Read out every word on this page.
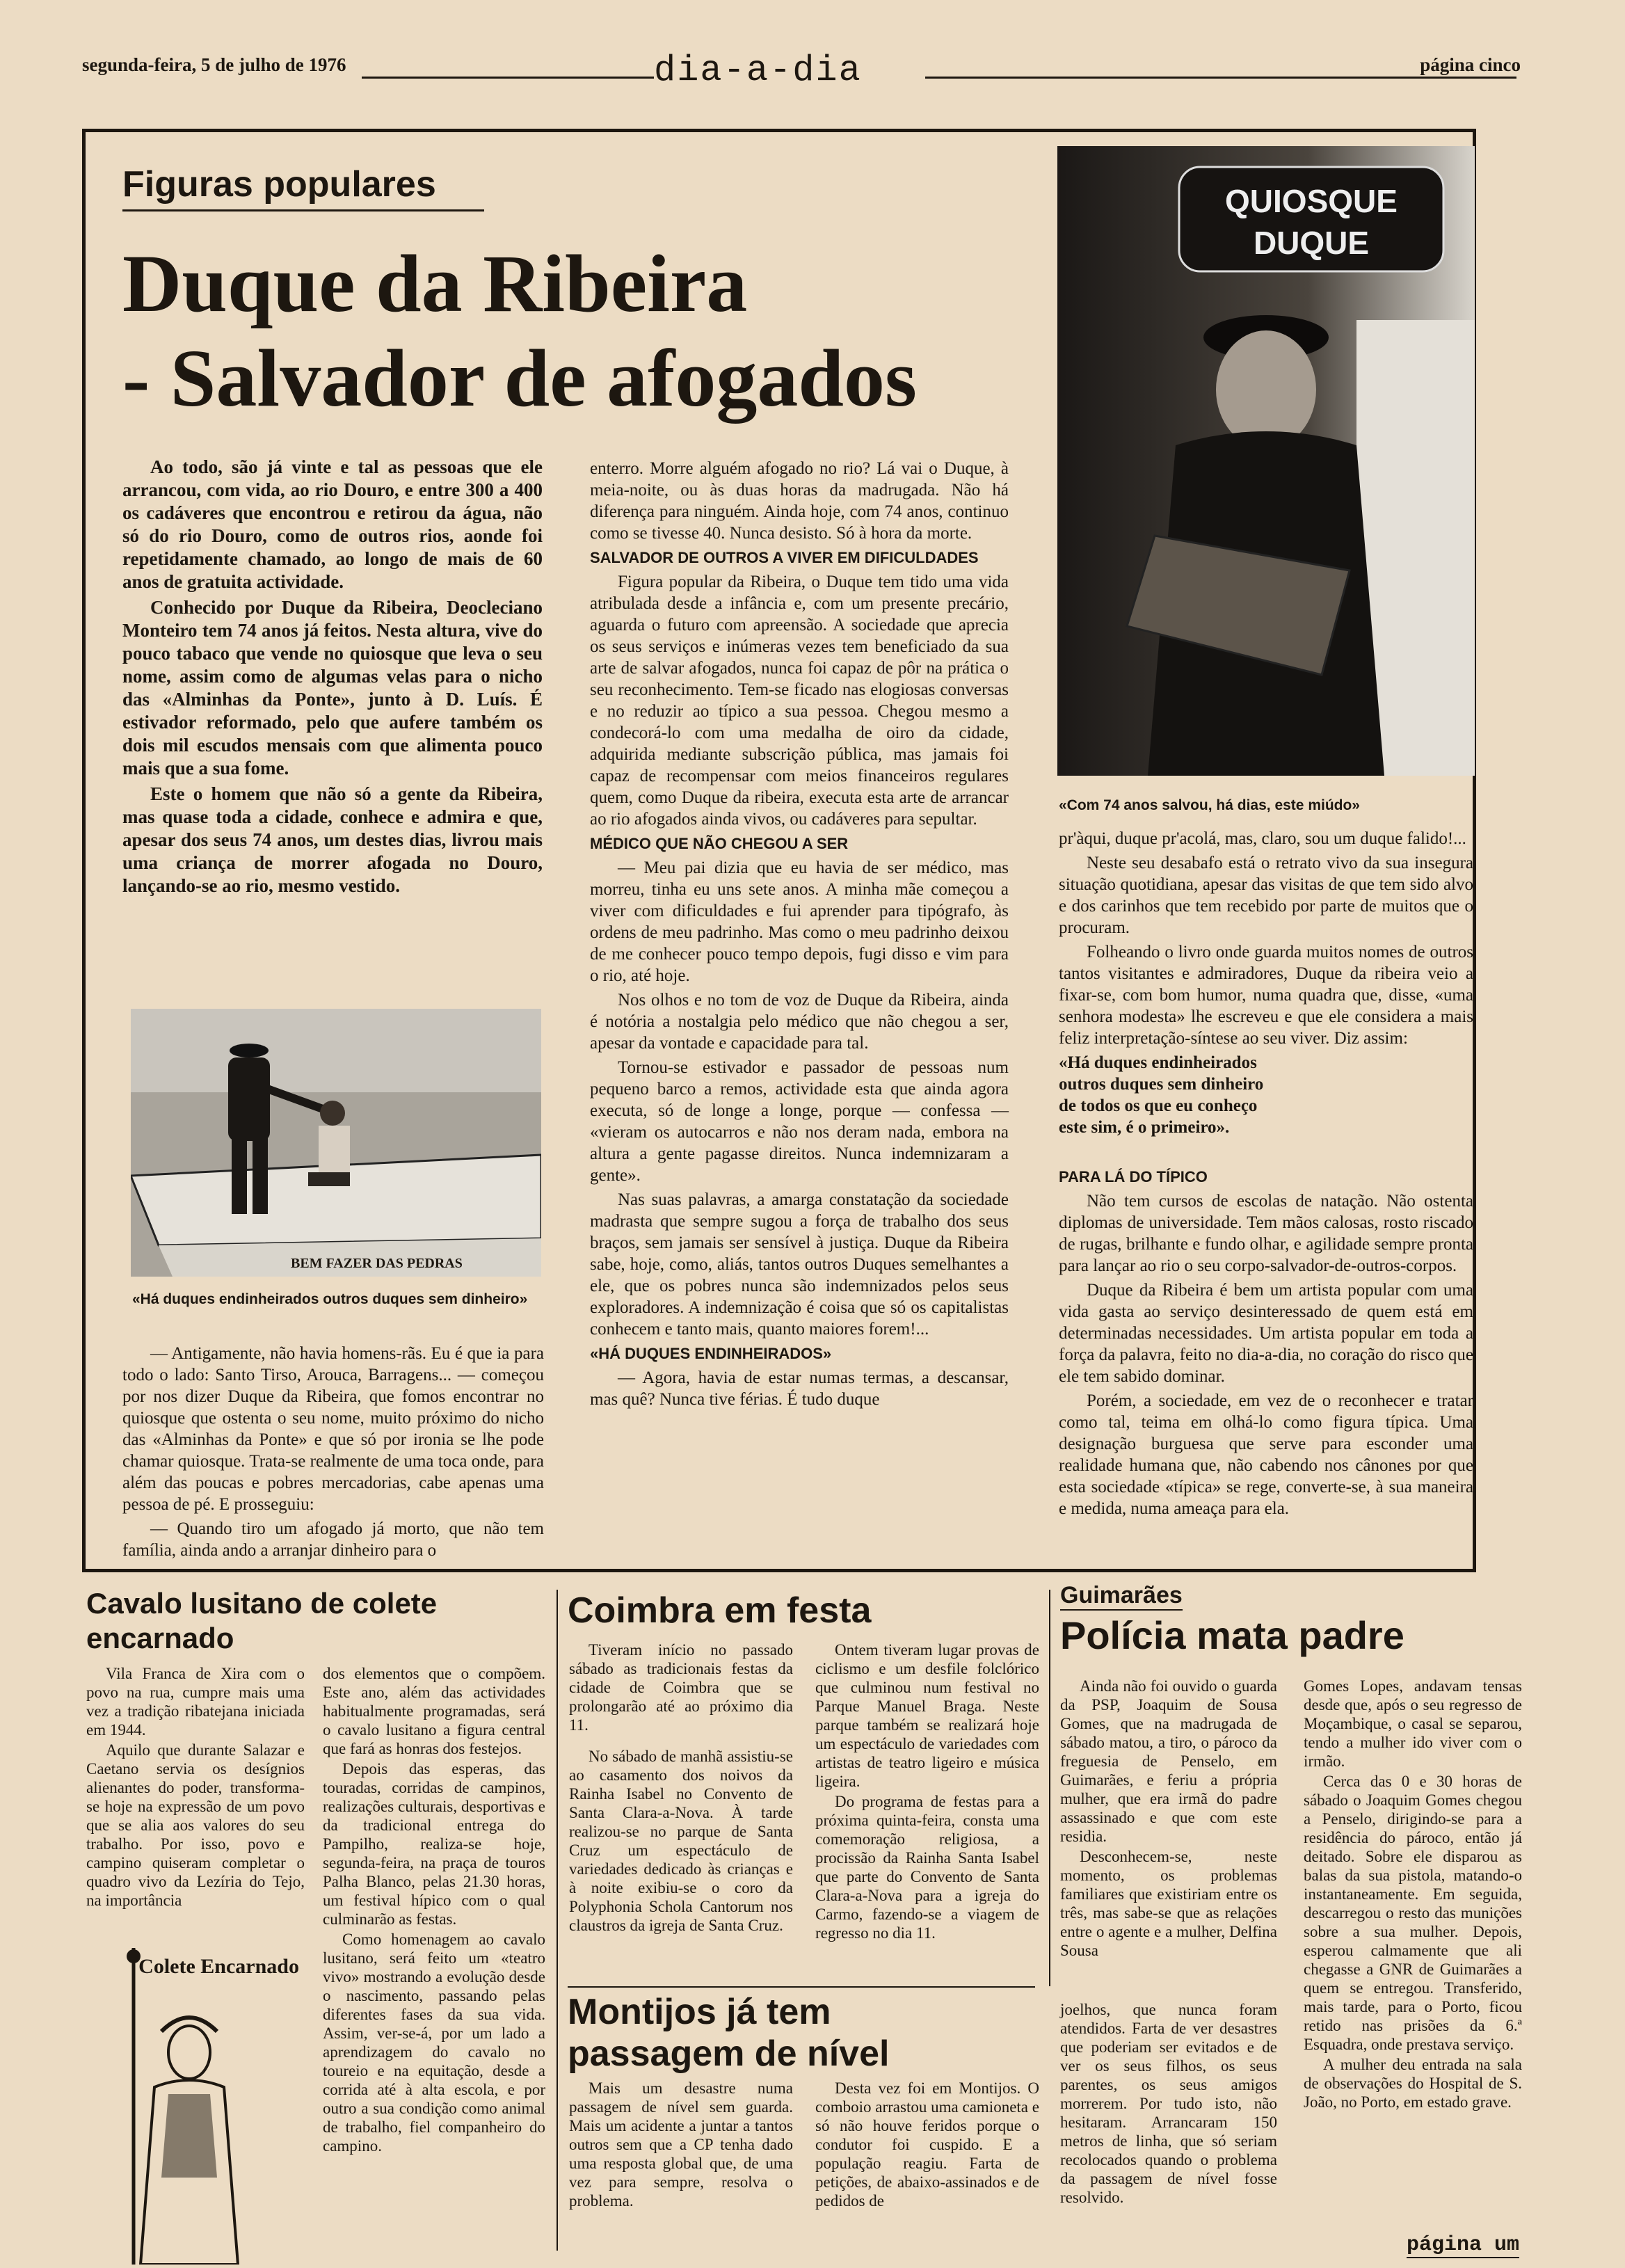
segunda-feira, 5 de julho de 1976	dia-a-dia	página cinco
Figuras populares
Duque da Ribeira
- Salvador de afogados

Ao todo, são já vinte e tal as pessoas que ele arrancou, com vida, ao rio Douro, e entre 300 a 400 os cadáveres que encontrou e retirou da água, não só do rio Douro, como de outros rios, aonde foi repetidamente chamado, ao longo de mais de 60 anos de gratuita actividade.

Conhecido por Duque da Ribeira, Deocleciano Monteiro tem 74 anos já feitos. Nesta altura, vive do pouco tabaco que vende no quiosque que leva o seu nome, assim como de algumas velas para o nicho das «Alminhas da Ponte», junto à D. Luís. É estivador reformado, pelo que aufere também os dois mil escudos mensais com que alimenta pouco mais que a sua fome.

Este o homem que não só a gente da Ribeira, mas quase toda a cidade, conhece e admira e que, apesar dos seus 74 anos, um destes dias, livrou mais uma criança de morrer afogada no Douro, lançando-se ao rio, mesmo vestido.

BEM FAZER DAS PEDRAS
«Há duques endinheirados outros duques sem dinheiro»

— Antigamente, não havia homens-rãs. Eu é que ia para todo o lado: Santo Tirso, Arouca, Barragens... — começou por nos dizer Duque da Ribeira, que fomos encontrar no quiosque que ostenta o seu nome, muito próximo do nicho das «Alminhas da Ponte» e que só por ironia se lhe pode chamar quiosque. Trata-se realmente de uma toca onde, para além das poucas e pobres mercadorias, cabe apenas uma pessoa de pé. E prosseguiu:

— Quando tiro um afogado já morto, que não tem família, ainda ando a arranjar dinheiro para o

enterro. Morre alguém afogado no rio? Lá vai o Duque, à meia-noite, ou às duas horas da madrugada. Não há diferença para ninguém. Ainda hoje, com 74 anos, continuo como se tivesse 40. Nunca desisto. Só à hora da morte.

SALVADOR DE OUTROS A VIVER EM DIFICULDADES

Figura popular da Ribeira, o Duque tem tido uma vida atribulada desde a infância e, com um presente precário, aguarda o futuro com apreensão. A sociedade que aprecia os seus serviços e inúmeras vezes tem beneficiado da sua arte de salvar afogados, nunca foi capaz de pôr na prática o seu reconhecimento. Tem-se ficado nas elogiosas conversas e no reduzir ao típico a sua pessoa. Chegou mesmo a condecorá-lo com uma medalha de oiro da cidade, adquirida mediante subscrição pública, mas jamais foi capaz de recompensar com meios financeiros regulares quem, como Duque da ribeira, executa esta arte de arrancar ao rio afogados ainda vivos, ou cadáveres para sepultar.

MÉDICO QUE NÃO CHEGOU A SER

— Meu pai dizia que eu havia de ser médico, mas morreu, tinha eu uns sete anos. A minha mãe começou a viver com dificuldades e fui aprender para tipógrafo, às ordens de meu padrinho. Mas como o meu padrinho deixou de me conhecer pouco tempo depois, fugi disso e vim para o rio, até hoje.

Nos olhos e no tom de voz de Duque da Ribeira, ainda é notória a nostalgia pelo médico que não chegou a ser, apesar da vontade e capacidade para tal.

Tornou-se estivador e passador de pessoas num pequeno barco a remos, actividade esta que ainda agora executa, só de longe a longe, porque — confessa — «vieram os autocarros e não nos deram nada, embora na altura a gente pagasse direitos. Nunca indemnizaram a gente».

Nas suas palavras, a amarga constatação da sociedade madrasta que sempre sugou a força de trabalho dos seus braços, sem jamais ser sensível à justiça. Duque da Ribeira sabe, hoje, como, aliás, tantos outros Duques semelhantes a ele, que os pobres nunca são indemnizados pelos seus exploradores. A indemnização é coisa que só os capitalistas conhecem e tanto mais, quanto maiores forem!...

«HÁ DUQUES ENDINHEIRADOS»

— Agora, havia de estar numas termas, a descansar, mas quê? Nunca tive férias. É tudo duque

QUIOSQUE
DUQUE
«Com 74 anos salvou, há dias, este miúdo»

pr'àqui, duque pr'acolá, mas, claro, sou um duque falido!...

Neste seu desabafo está o retrato vivo da sua insegura situação quotidiana, apesar das visitas de que tem sido alvo e dos carinhos que tem recebido por parte de muitos que o procuram.

Folheando o livro onde guarda muitos nomes de outros tantos visitantes e admiradores, Duque da ribeira veio a fixar-se, com bom humor, numa quadra que, disse, «uma senhora modesta» lhe escreveu e que ele considera a mais feliz interpretação-síntese ao seu viver. Diz assim:

«Há duques endinheirados
outros duques sem dinheiro
de todos os que eu conheço
este sim, é o primeiro».

PARA LÁ DO TÍPICO

Não tem cursos de escolas de natação. Não ostenta diplomas de universidade. Tem mãos calosas, rosto riscado de rugas, brilhante e fundo olhar, e agilidade sempre pronta para lançar ao rio o seu corpo-salvador-de-outros-corpos.

Duque da Ribeira é bem um artista popular com uma vida gasta ao serviço desinteressado de quem está em determinadas necessidades. Um artista popular em toda a força da palavra, feito no dia-a-dia, no coração do risco que ele tem sabido dominar.

Porém, a sociedade, em vez de o reconhecer e tratar como tal, teima em olhá-lo como figura típica. Uma designação burguesa que serve para esconder uma realidade humana que, não cabendo nos cânones por que esta sociedade «típica» se rege, converte-se, à sua maneira e medida, numa ameaça para ela.

Cavalo lusitano de colete encarnado

Vila Franca de Xira com o povo na rua, cumpre mais uma vez a tradição ribatejana iniciada em 1944.

Aquilo que durante Salazar e Caetano servia os desígnios alienantes do poder, transforma-se hoje na expressão de um povo que se alia aos valores do seu trabalho. Por isso, povo e campino quiseram completar o quadro vivo da Lezíria do Tejo, na importância

Colete Encarnado

dos elementos que o compõem. Este ano, além das actividades habitualmente programadas, será o cavalo lusitano a figura central que fará as honras dos festejos.

Depois das esperas, das touradas, corridas de campinos, realizações culturais, desportivas e da tradicional entrega do Pampilho, realiza-se hoje, segunda-feira, na praça de touros Palha Blanco, pelas 21.30 horas, um festival hípico com o qual culminarão as festas.

Como homenagem ao cavalo lusitano, será feito um «teatro vivo» mostrando a evolução desde o nascimento, passando pelas diferentes fases da sua vida. Assim, ver-se-á, por um lado a aprendizagem do cavalo no toureio e na equitação, desde a corrida até à alta escola, e por outro a sua condição como animal de trabalho, fiel companheiro do campino.

Coimbra em festa

Tiveram início no passado sábado as tradicionais festas da cidade de Coimbra que se prolongarão até ao próximo dia 11.

No sábado de manhã assistiu-se ao casamento dos noivos da Rainha Isabel no Convento de Santa Clara-a-Nova. À tarde realizou-se no parque de Santa Cruz um espectáculo de variedades dedicado às crianças e à noite exibiu-se o coro da Polyphonia Schola Cantorum nos claustros da igreja de Santa Cruz.

Ontem tiveram lugar provas de ciclismo e um desfile folclórico que culminou num festival no Parque Manuel Braga. Neste parque também se realizará hoje um espectáculo de variedades com artistas de teatro ligeiro e música ligeira.

Do programa de festas para a próxima quinta-feira, consta uma comemoração religiosa, a procissão da Rainha Santa Isabel que parte do Convento de Santa Clara-a-Nova para a igreja do Carmo, fazendo-se a viagem de regresso no dia 11.

Montijos já tem passagem de nível

Mais um desastre numa passagem de nível sem guarda. Mais um acidente a juntar a tantos outros sem que a CP tenha dado uma resposta global que, de uma vez para sempre, resolva o problema.

Desta vez foi em Montijos. O comboio arrastou uma camioneta e só não houve feridos porque o condutor foi cuspido. E a população reagiu. Farta de petições, de abaixo-assinados e de pedidos de

Guimarães
Polícia mata padre

Ainda não foi ouvido o guarda da PSP, Joaquim de Sousa Gomes, que na madrugada de sábado matou, a tiro, o pároco da freguesia de Penselo, em Guimarães, e feriu a própria mulher, que era irmã do padre assassinado e que com este residia.

Desconhecem-se, neste momento, os problemas familiares que existiriam entre os três, mas sabe-se que as relações entre o agente e a mulher, Delfina Sousa

Gomes Lopes, andavam tensas desde que, após o seu regresso de Moçambique, o casal se separou, tendo a mulher ido viver com o irmão.

Cerca das 0 e 30 horas de sábado o Joaquim Gomes chegou a Penselo, dirigindo-se para a residência do pároco, então já deitado. Sobre ele disparou as balas da sua pistola, matando-o instantaneamente. Em seguida, descarregou o resto das munições sobre a sua mulher. Depois, esperou calmamente que ali chegasse a GNR de Guimarães a quem se entregou. Transferido, mais tarde, para o Porto, ficou retido nas prisões da 6.ª Esquadra, onde prestava serviço.

A mulher deu entrada na sala de observações do Hospital de S. João, no Porto, em estado grave.

joelhos, que nunca foram atendidos. Farta de ver desastres que poderiam ser evitados e de ver os seus filhos, os seus parentes, os seus amigos morrerem. Por tudo isto, não hesitaram. Arrancaram 150 metros de linha, que só seriam recolocados quando o problema da passagem de nível fosse resolvido.

página um
